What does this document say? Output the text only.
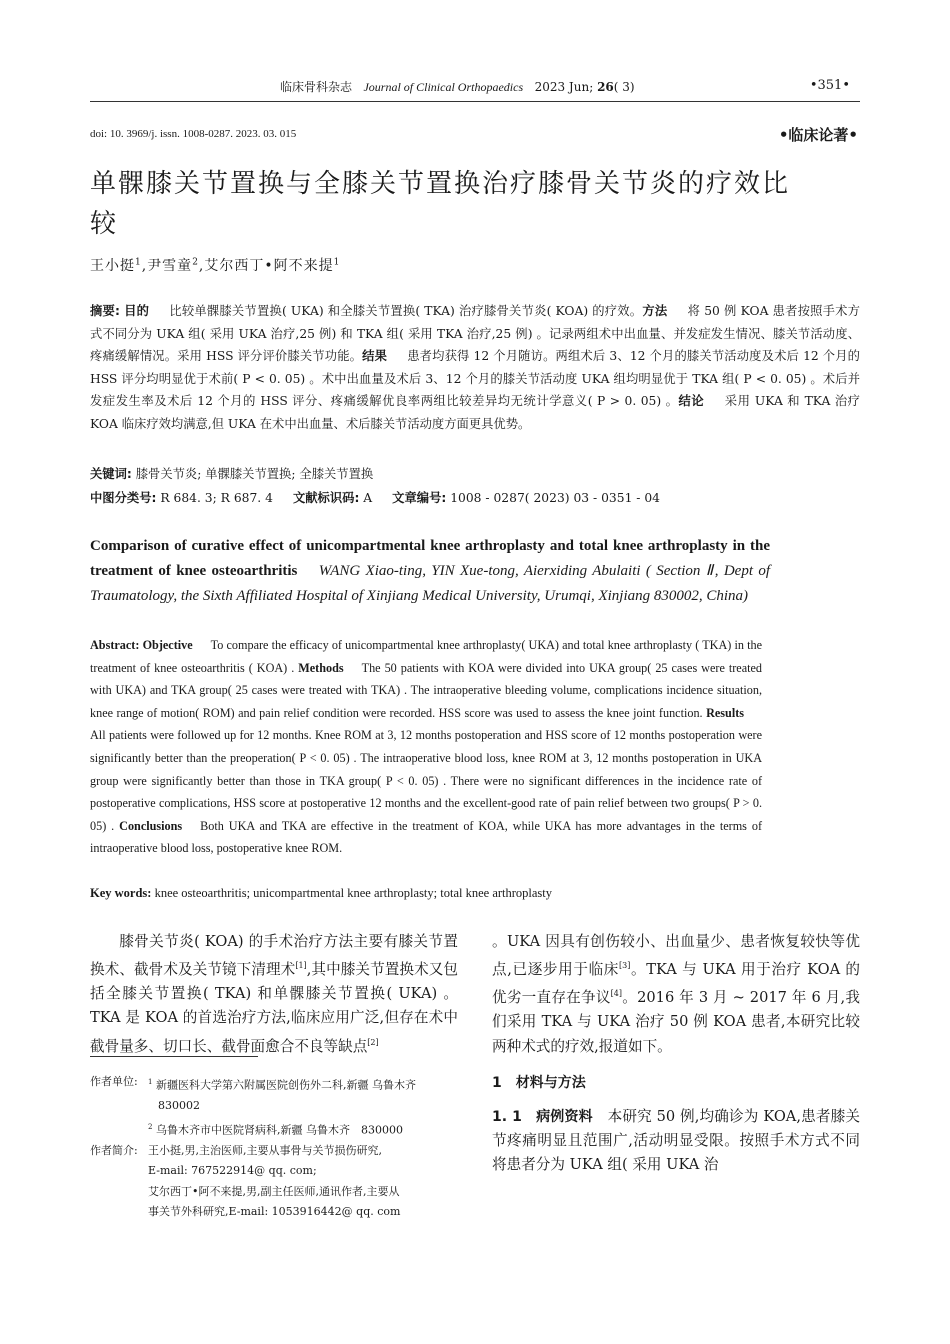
临床骨科杂志 Journal of Clinical Orthopaedics 2023 Jun; 26( 3)	•351•
doi: 10. 3969/j. issn. 1008-0287. 2023. 03. 015	•临床论著•
单髁膝关节置换与全膝关节置换治疗膝骨关节炎的疗效比较
王小挺$^1$,尹雪童$^2$,艾尔西丁•阿不来提$^1$
摘要: 目的 比较单髁膝关节置换( UKA) 和全膝关节置换( TKA) 治疗膝骨关节炎( KOA) 的疗效。方法 将 50 例 KOA 患者按照手术方式不同分为 UKA 组( 采用 UKA 治疗,25 例) 和 TKA 组( 采用 TKA 治疗,25 例) 。记录两组术中出血量、并发症发生情况、膝关节活动度、疼痛缓解情况。采用 HSS 评分评价膝关节功能。结果 患者均获得 12 个月随访。两组术后 3、12 个月的膝关节活动度及术后 12 个月的 HSS 评分均明显优于术前( P < 0. 05) 。术中出血量及术后 3、12 个月的膝关节活动度 UKA 组均明显优于 TKA 组( P < 0. 05) 。术后并发症发生率及术后 12 个月的 HSS 评分、疼痛缓解优良率两组比较差异均无统计学意义( P > 0. 05) 。结论 采用 UKA 和 TKA 治疗 KOA 临床疗效均满意,但 UKA 在术中出血量、术后膝关节活动度方面更具优势。
关键词: 膝骨关节炎; 单髁膝关节置换; 全膝关节置换
中图分类号: R 684. 3; R 687. 4 文献标识码: A 文章编号: 1008 - 0287( 2023) 03 - 0351 - 04
Comparison of curative effect of unicompartmental knee arthroplasty and total knee arthroplasty in the treatment of knee osteoarthritis WANG Xiao-ting, YIN Xue-tong, Aierxiding Abulaiti ( Section Ⅱ, Dept of Traumatology, the Sixth Affiliated Hospital of Xinjiang Medical University, Urumqi, Xinjiang 830002, China)
Abstract: Objective To compare the efficacy of unicompartmental knee arthroplasty( UKA) and total knee arthroplasty ( TKA) in the treatment of knee osteoarthritis ( KOA) . Methods The 50 patients with KOA were divided into UKA group( 25 cases were treated with UKA) and TKA group( 25 cases were treated with TKA) . The intraoperative bleeding volume, complications incidence situation, knee range of motion( ROM) and pain relief condition were recorded. HSS score was used to assess the knee joint function. ResultsAll patients were followed up for 12 months. Knee ROM at 3, 12 months postoperation and HSS score of 12 months postoperation were significantly better than the preoperation( P < 0. 05) . The intraoperative blood loss, knee ROM at 3, 12 months postoperation in UKA group were significantly better than those in TKA group( P < 0. 05) . There were no significant differences in the incidence rate of postoperative complications, HSS score at postoperative 12 months and the excellent-good rate of pain relief between two groups( P > 0. 05) . Conclusions Both UKA and TKA are effective in the treatment of KOA, while UKA has more advantages in the terms of intraoperative blood loss, postoperative knee ROM.
Key words: knee osteoarthritis; unicompartmental knee arthroplasty; total knee arthroplasty
膝骨关节炎( KOA) 的手术治疗方法主要有膝关节置换术、截骨术及关节镜下清理术[1],其中膝关节置换术又包括全膝关节置换( TKA) 和单髁膝关节置换( UKA) 。TKA 是 KOA 的首选治疗方法,临床应用广泛,但存在术中截骨量多、切口长、截骨面愈合不良等缺点[2]
。UKA 因具有创伤较小、出血量少、患者恢复较快等优点,已逐步用于临床[3]。TKA 与 UKA 用于治疗 KOA 的优劣一直存在争议[4]。2016 年 3 月 ~ 2017 年 6 月,我们采用 TKA 与 UKA 治疗 50 例 KOA 患者,本研究比较两种术式的疗效,报道如下。
1　材料与方法
1. 1　病例资料　 本研究 50 例,均确诊为 KOA,患者膝关节疼痛明显且范围广,活动明显受限。按照手术方式不同将患者分为 UKA 组( 采用 UKA 治
作者单位:	$^1$ 新疆医科大学第六附属医院创伤外二科,新疆 乌鲁木齐
830002
$^2$ 乌鲁木齐市中医院肾病科,新疆 乌鲁木齐　830000
作者简介: 王小挺,男,主治医师,主要从事骨与关节损伤研究,
E-mail: 767522914@ qq. com;
艾尔西丁•阿不来提,男,副主任医师,通讯作者,主要从
事关节外科研究,E-mail: 1053916442@ qq. com
